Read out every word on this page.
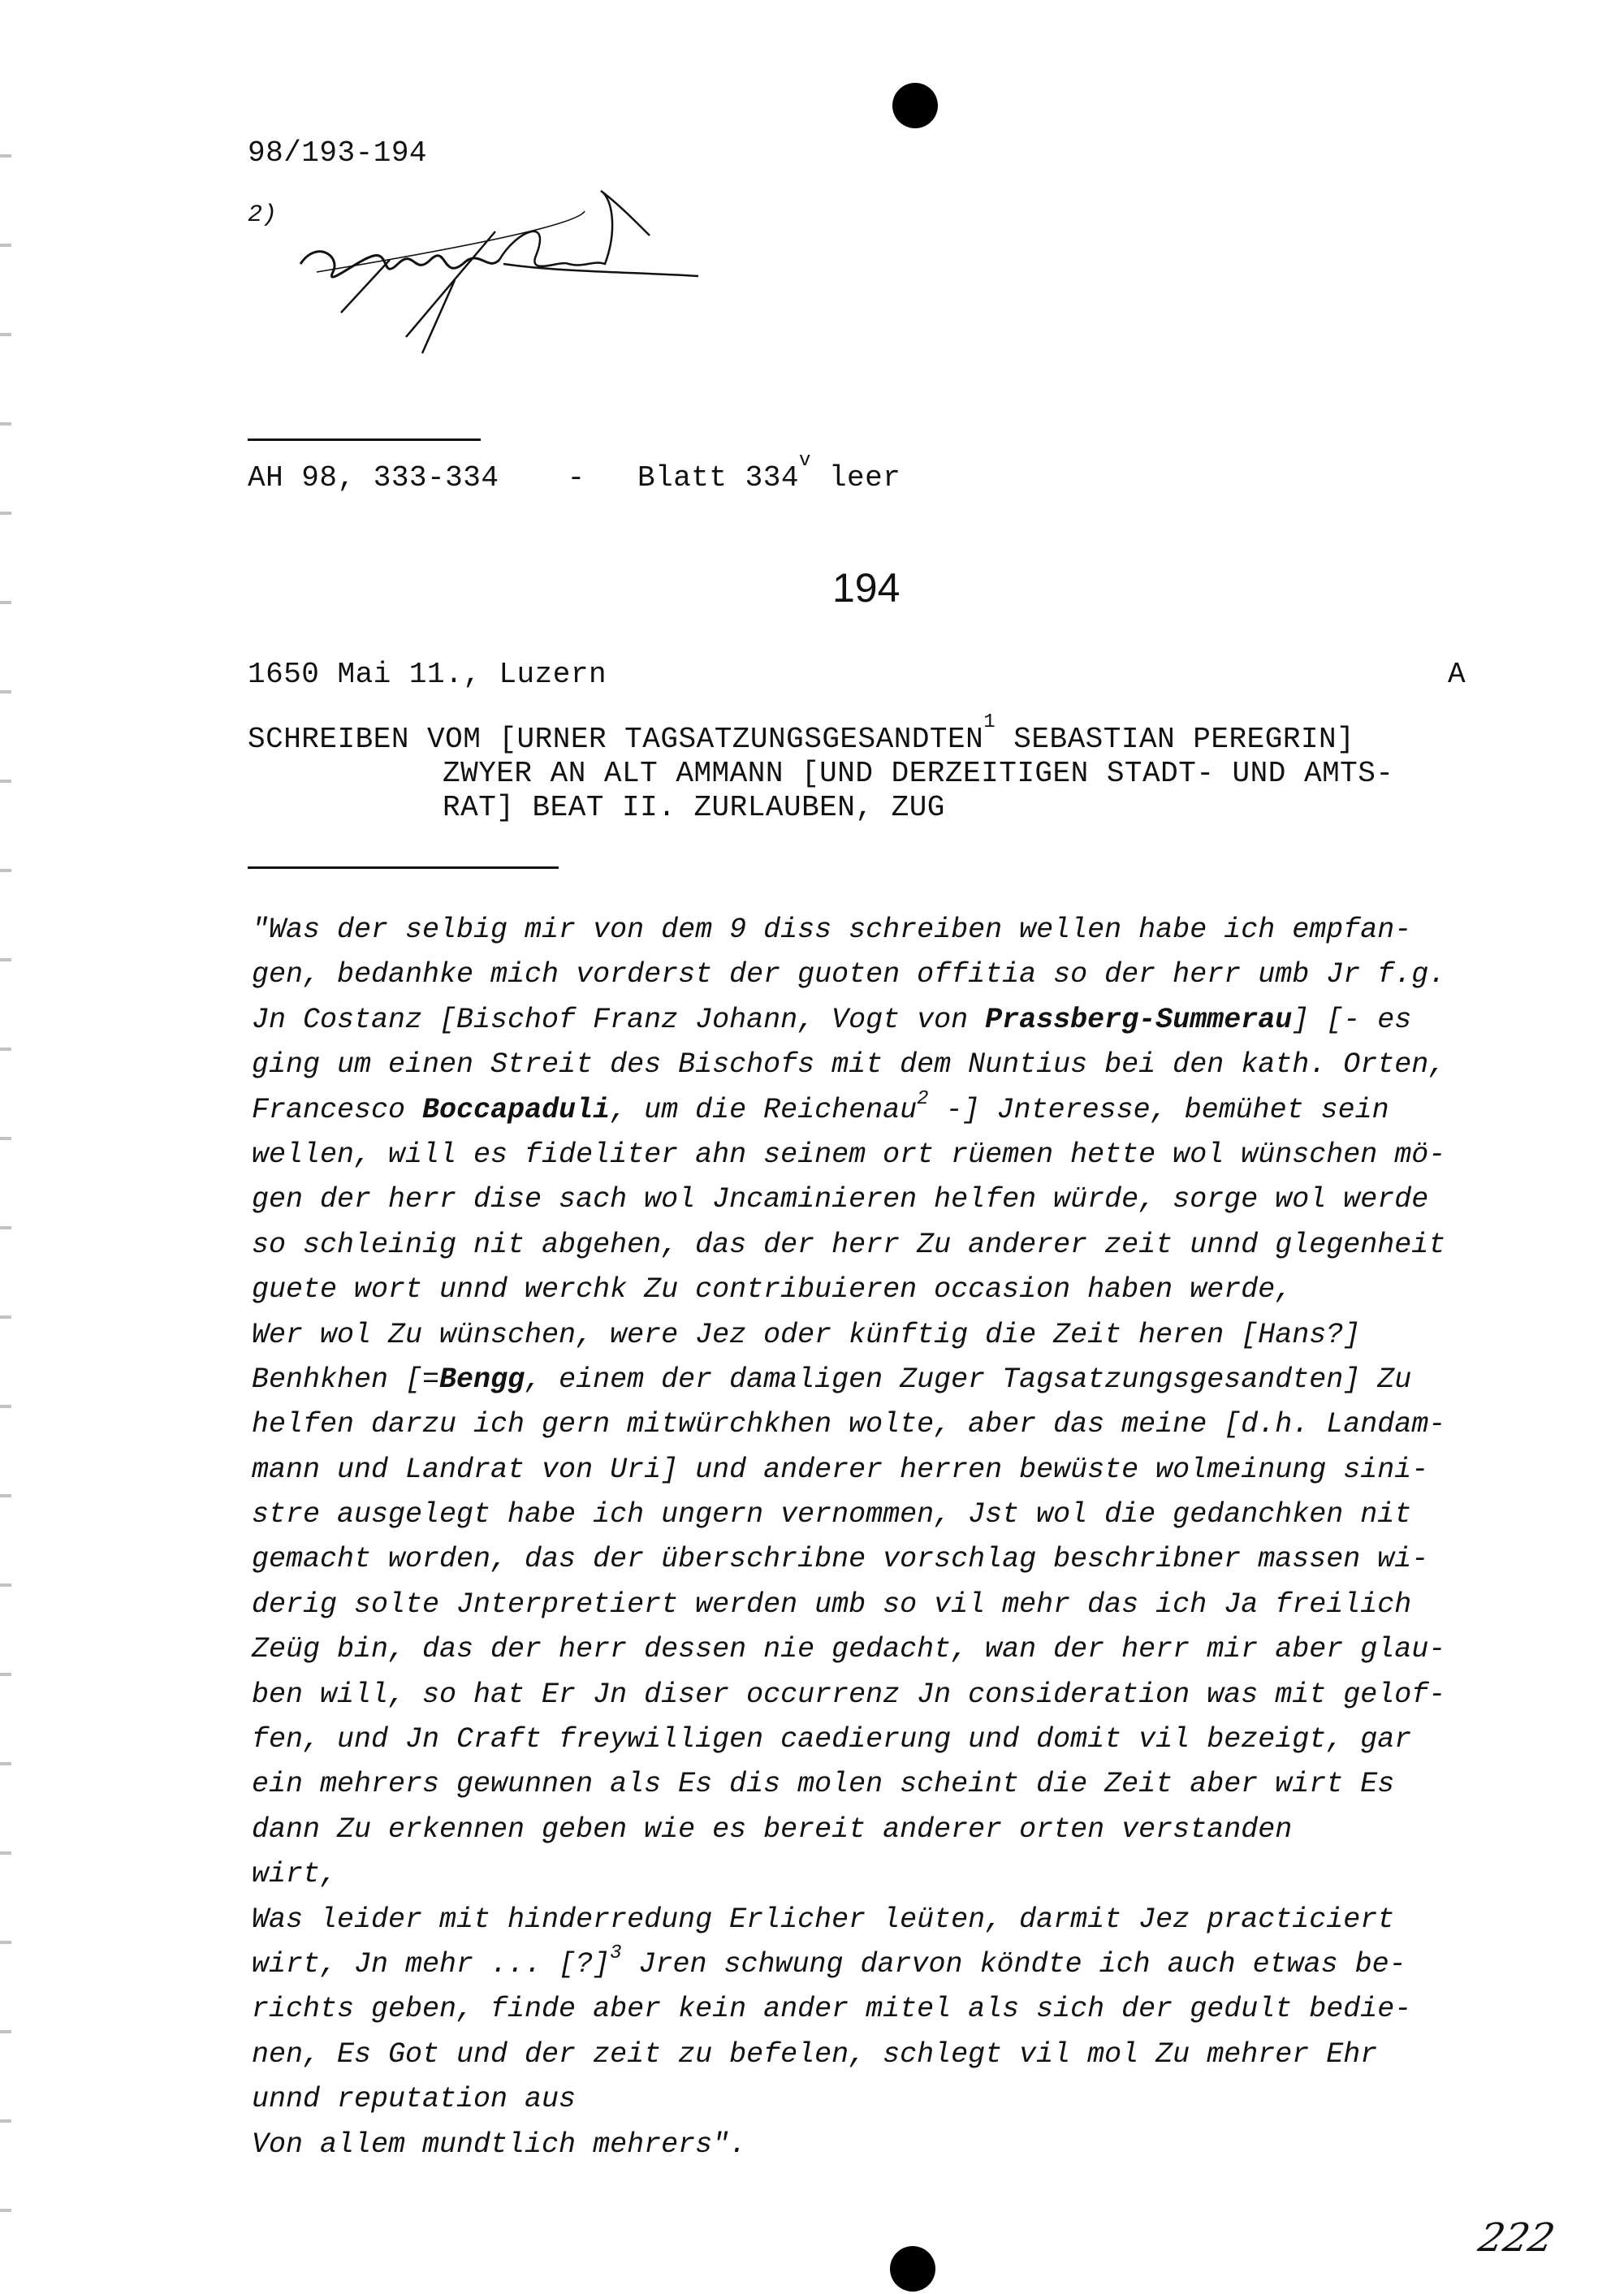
98/193-194
2)
AH 98, 333-334 - Blatt 334$^v$ leer
194
1650 Mai 11., Luzern	A
SCHREIBEN VOM [URNER TAGSATZUNGSGESANDTEN$^1$ SEBASTIAN PEREGRIN]
ZWYER AN ALT AMMANN [UND DERZEITIGEN STADT- UND AMTS-
RAT] BEAT II. ZURLAUBEN, ZUG
"Was der selbig mir von dem 9 diss schreiben wellen habe ich empfan-
gen, bedanhke mich vorderst der guoten offitia so der herr umb Jr f.g.
Jn Costanz [Bischof Franz Johann, Vogt von Prassberg-Summerau] [- es
ging um einen Streit des Bischofs mit dem Nuntius bei den kath. Orten,
Francesco Boccapaduli, um die Reichenau$^2$ -] Jnteresse, bemühet sein
wellen, will es fideliter ahn seinem ort rüemen hette wol wünschen mö-
gen der herr dise sach wol Jncaminieren helfen würde, sorge wol werde
so schleinig nit abgehen, das der herr Zu anderer zeit unnd glegenheit
guete wort unnd werchk Zu contribuieren occasion haben werde,
Wer wol Zu wünschen, were Jez oder künftig die Zeit heren [Hans?]
Benhkhen [=Bengg, einem der damaligen Zuger Tagsatzungsgesandten] Zu
helfen darzu ich gern mitwürchkhen wolte, aber das meine [d.h. Landam-
mann und Landrat von Uri] und anderer herren bewüste wolmeinung sini-
stre ausgelegt habe ich ungern vernommen, Jst wol die gedanchken nit
gemacht worden, das der überschribne vorschlag beschribner massen wi-
derig solte Jnterpretiert werden umb so vil mehr das ich Ja freilich
Zeüg bin, das der herr dessen nie gedacht, wan der herr mir aber glau-
ben will, so hat Er Jn diser occurrenz Jn consideration was mit gelof-
fen, und Jn Craft freywilligen caedierung und domit vil bezeigt, gar
ein mehrers gewunnen als Es dis molen scheint die Zeit aber wirt Es
dann Zu erkennen geben wie es bereit anderer orten verstanden
wirt,
Was leider mit hinderredung Erlicher leüten, darmit Jez practiciert
wirt, Jn mehr ... [?]$^3$ Jren schwung darvon köndte ich auch etwas be-
richts geben, finde aber kein ander mitel als sich der gedult bedie-
nen, Es Got und der zeit zu befelen, schlegt vil mol Zu mehrer Ehr
unnd reputation aus
Von allem mundtlich mehrers".
222
